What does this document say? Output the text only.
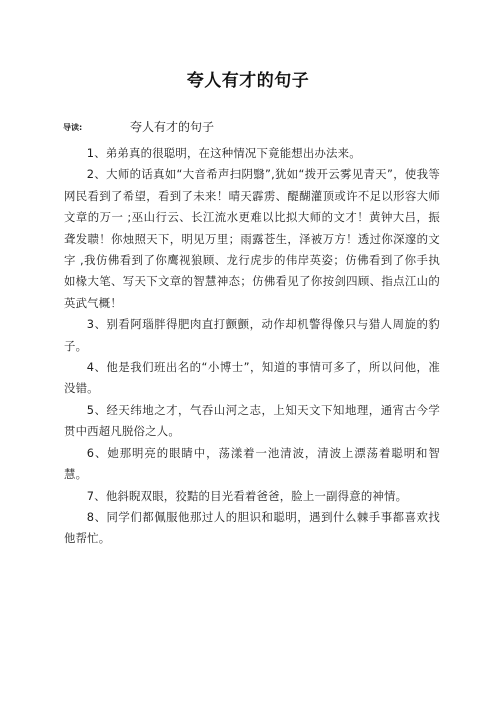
夸人有才的句子
导读:	夸人有才的句子

1、弟弟真的很聪明，在这种情况下竟能想出办法来。

2、大师的话真如“大音希声扫阴翳”,犹如“拨开云雾见青天”，使我等网民看到了希望，看到了未来！晴天霹雳、醍醐灌顶或许不足以形容大师文章的万一 ;巫山行云、长江流水更难以比拟大师的文才！黄钟大吕，振聋发聩！你烛照天下，明见万里；雨露苍生，泽被万方！透过你深邃的文字 ,我仿佛看到了你鹰视狼顾、龙行虎步的伟岸英姿；仿佛看到了你手执如椽大笔、写天下文章的智慧神态；仿佛看见了你按剑四顾、指点江山的英武气概！

3、别看阿瑙胖得肥肉直打颤颤，动作却机警得像只与猎人周旋的豹子。

4、他是我们班出名的“小博士”，知道的事情可多了，所以问他，准没错。

5、经天纬地之才，气吞山河之志，上知天文下知地理，通宵古今学贯中西超凡脱俗之人。

6、她那明亮的眼睛中，荡漾着一池清波，清波上漂荡着聪明和智慧。

7、他斜睨双眼，狡黠的目光看着爸爸，脸上一副得意的神情。

8、同学们都佩服他那过人的胆识和聪明，遇到什么棘手事都喜欢找他帮忙。
